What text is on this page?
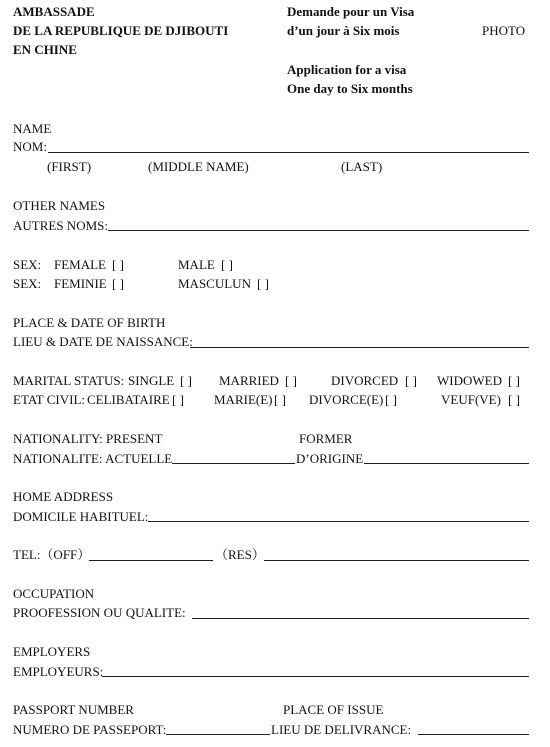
AMBASSADE
DE LA REPUBLIQUE DE DJIBOUTI
EN CHINE
Demande pour un Visa
d’un jour à Six mois
Application for a visa
One day to Six months
PHOTO
NAME
NOM:
(FIRST)	(MIDDLE NAME)	(LAST)
OTHER NAMES
AUTRES NOMS:
SEX: FEMALE [ ]	MALE [ ]
SEX: FEMINIE [ ]	MASCULUN [ ]
PLACE & DATE OF BIRTH
LIEU & DATE DE NAISSANCE:
MARITAL STATUS: SINGLE [ ] MARRIED [ ]	DIVORCED [ ] WIDOWED [ ]
ETAT CIVIL: CELIBATAIRE [ ] MARIE(E) [ ] DIVORCE(E) [ ]	VEUF(VE) [ ]
NATIONALITY: PRESENT	FORMER
NATIONALITE: ACTUELLE	D’ORIGINE
HOME ADDRESS
DOMICILE HABITUEL:
TEL:（OFF）	（RES）
OCCUPATION
PROOFESSION OU QUALITE:
EMPLOYERS
EMPLOYEURS:
PASSPORT NUMBER	PLACE OF ISSUE
NUMERO DE PASSEPORT:	LIEU DE DELIVRANCE:
